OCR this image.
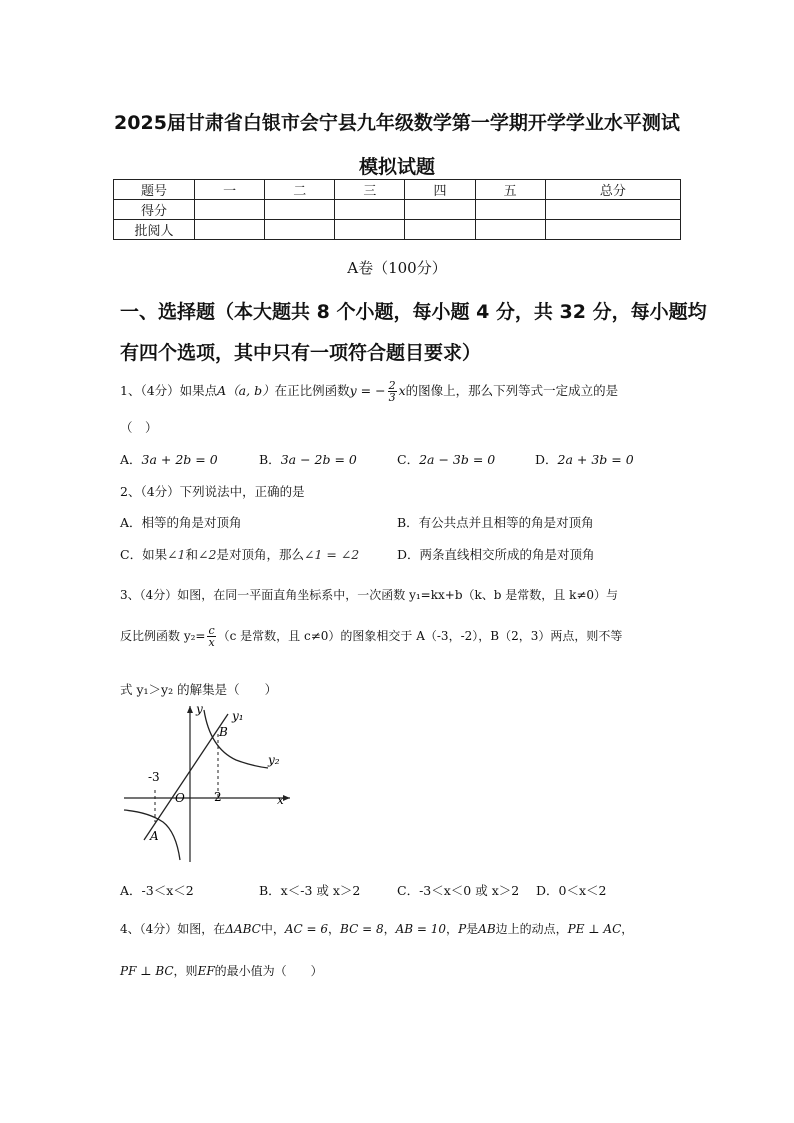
2025届甘肃省白银市会宁县九年级数学第一学期开学学业水平测试
模拟试题
题号	一	二	三	四	五	总分
得分						
批阅人						
A卷（100分）
一、选择题（本大题共 8 个小题，每小题 4 分，共 32 分，每小题均
有四个选项，其中只有一项符合题目要求）
1、（4分）如果点A（a, b）在正比例函数y = − $\frac{2}{3}$ x的图像上，那么下列等式一定成立的是
（　）
A．3a + 2b = 0	B．3a − 2b = 0	C．2a − 3b = 0	D．2a + 3b = 0
2、（4分）下列说法中，正确的是
A．相等的角是对顶角	B．有公共点并且相等的角是对顶角
C．如果∠1和∠2是对顶角，那么∠1 = ∠2	D．两条直线相交所成的角是对顶角
3、（4分）如图，在同一平面直角坐标系中，一次函数 y₁=kx+b（k、b 是常数，且 k≠0）与
反比例函数 $y_2= \frac{c}{x} (c$ 是常数，且 c≠0）的图象相交于 A（-3，-2），B（2，3）两点，则不等
式 y₁＞y₂ 的解集是（　　）
y y₁
B
y₂
-3
O 2	x
A
A．-3＜x＜2	B．x＜-3 或 x＞2	C．-3＜x＜0 或 x＞2 D．0＜x＜2
4、（4分）如图，在ΔABC中，AC = 6，BC = 8，AB = 10，P是AB边上的动点，PE ⊥ AC，
PF ⊥ BC，则EF的最小值为（　　）
